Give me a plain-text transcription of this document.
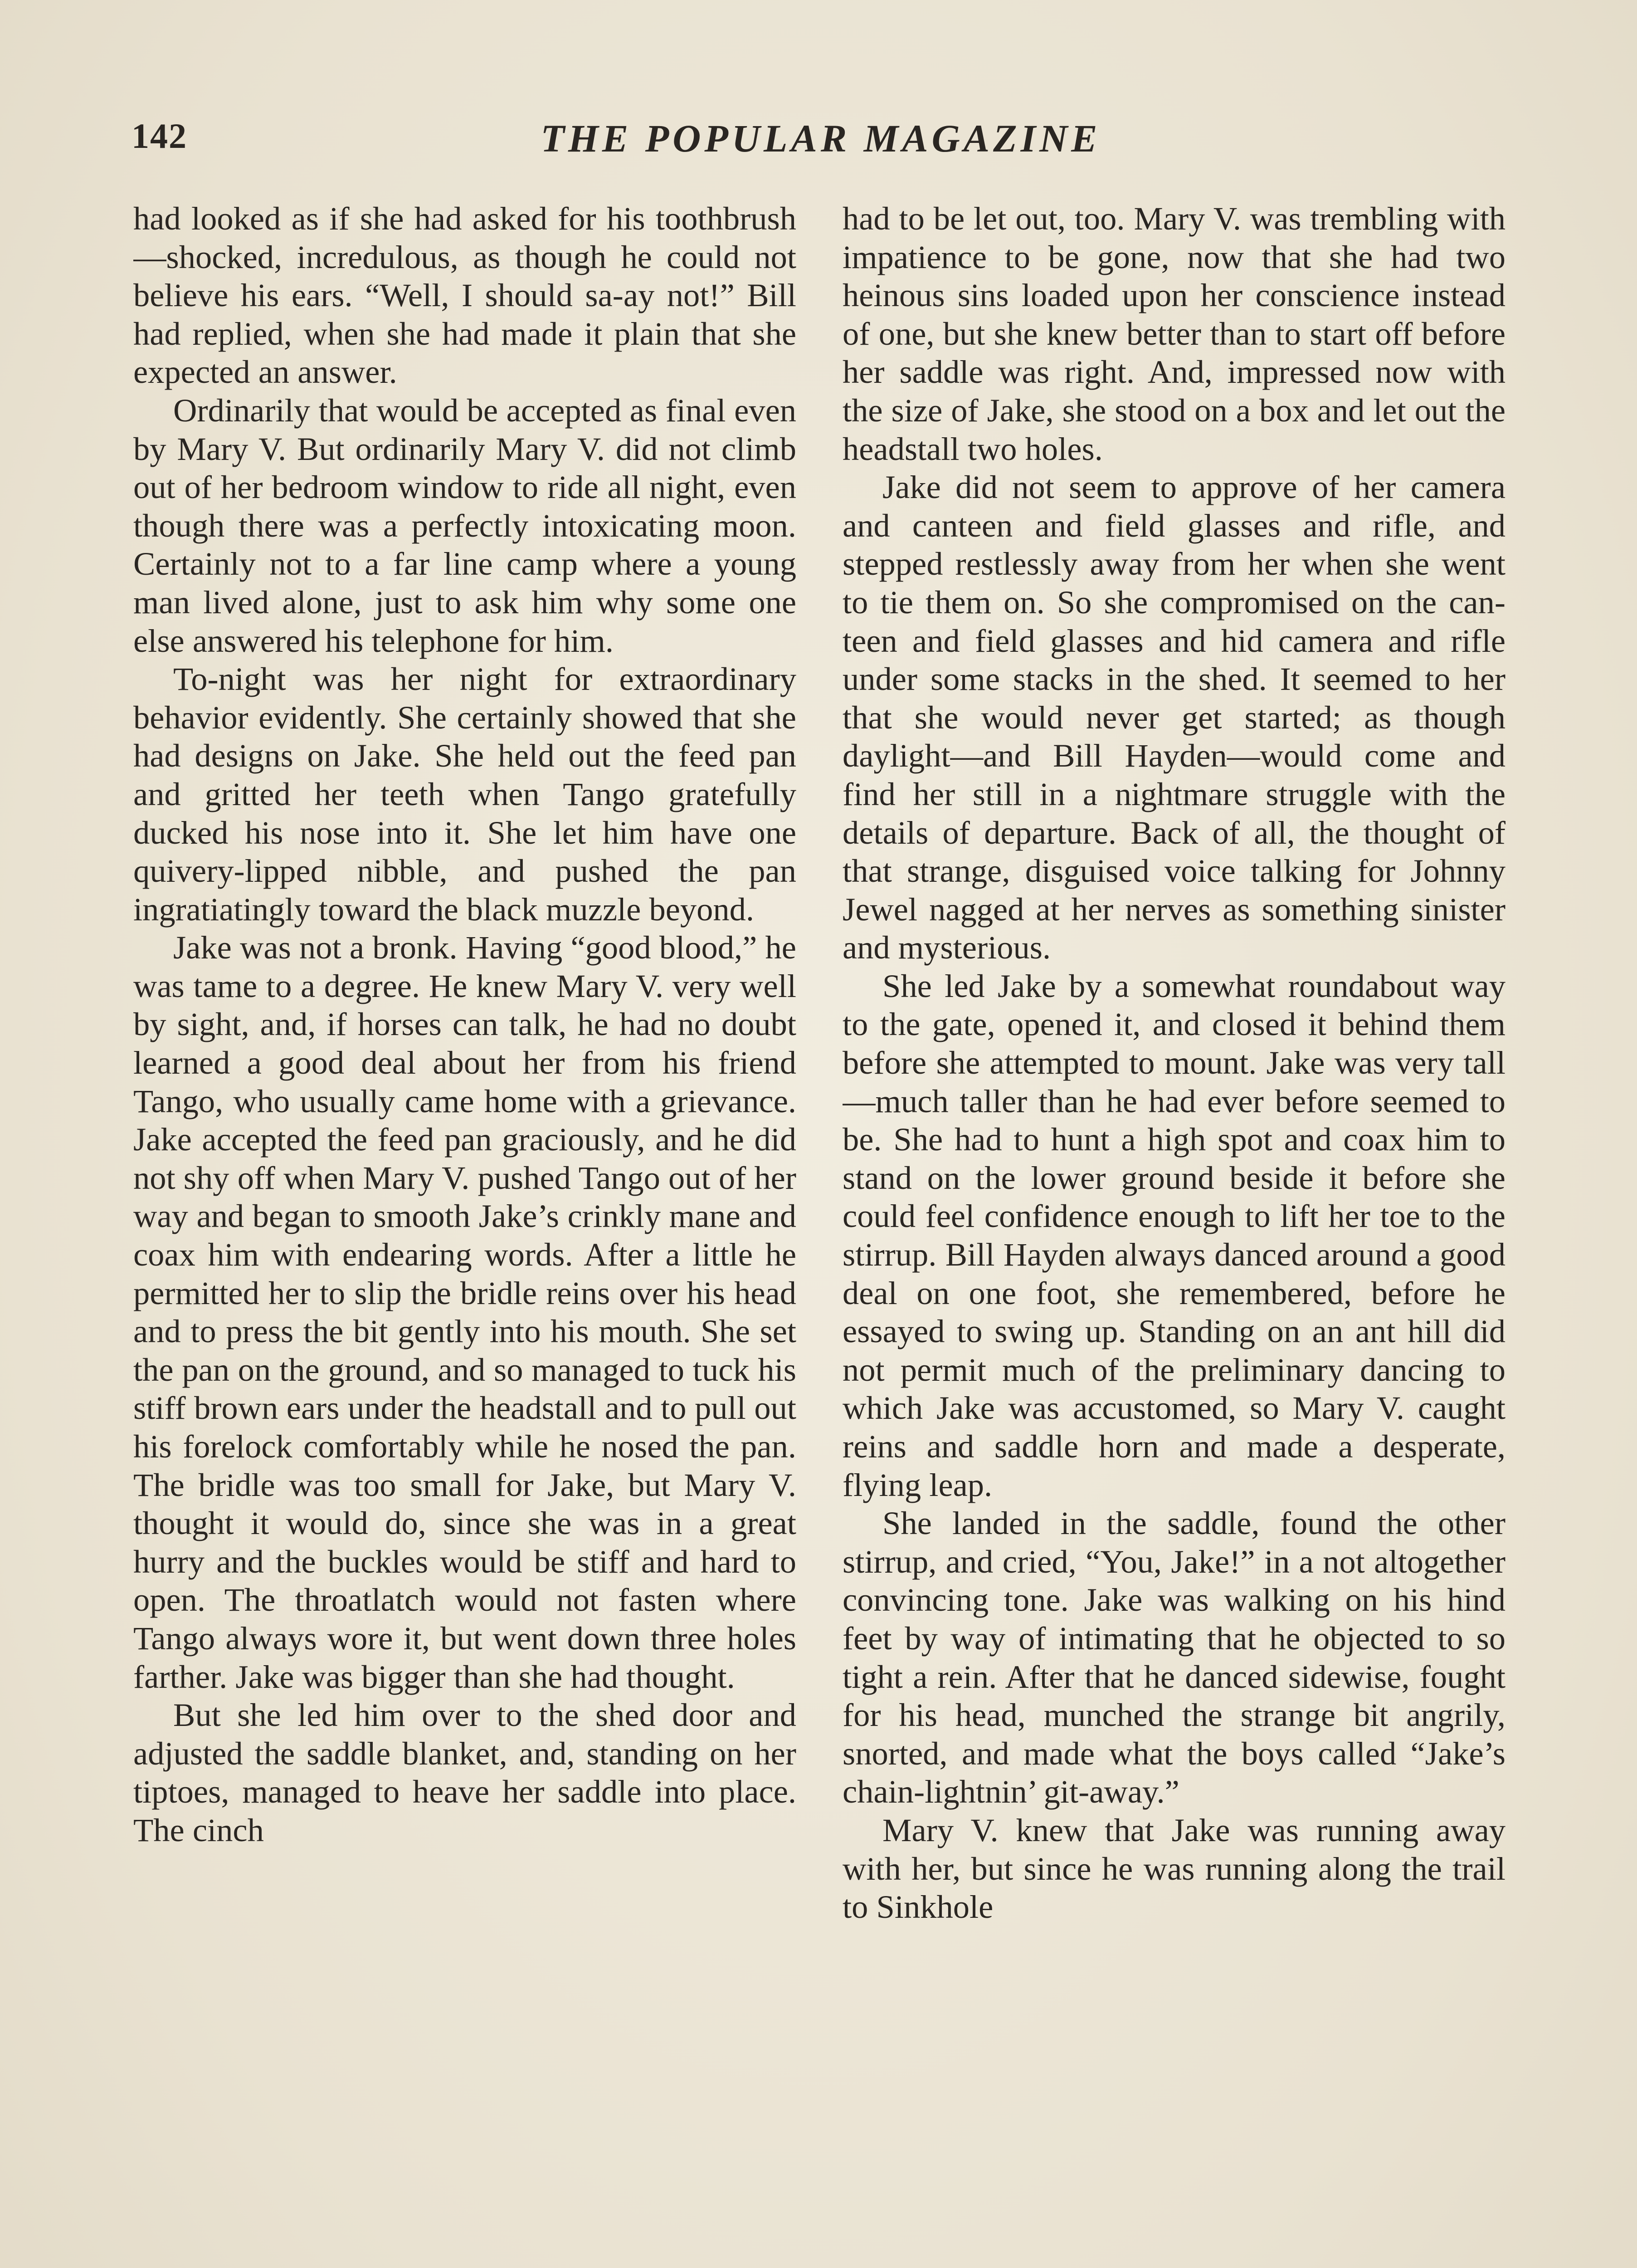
142	THE POPULAR MAGAZINE

had looked as if she had asked for his toothbrush—shocked, incredulous, as though he could not believe his ears. “Well, I should sa-ay not!” Bill had replied, when she had made it plain that she expected an answer.

Ordinarily that would be accepted as final even by Mary V. But ordinarily Mary V. did not climb out of her bedroom window to ride all night, even though there was a perfectly intoxicating moon. Certainly not to a far line camp where a young man lived alone, just to ask him why some one else answered his telephone for him.

To-night was her night for extraordinary behavior evidently. She certainly showed that she had designs on Jake. She held out the feed pan and gritted her teeth when Tango gratefully ducked his nose into it. She let him have one quivery-lipped nibble, and pushed the pan ingratiatingly toward the black muzzle beyond.

Jake was not a bronk. Having “good blood,” he was tame to a degree. He knew Mary V. very well by sight, and, if horses can talk, he had no doubt learned a good deal about her from his friend Tango, who usually came home with a grievance. Jake accepted the feed pan graciously, and he did not shy off when Mary V. pushed Tango out of her way and began to smooth Jake’s crinkly mane and coax him with endearing words. After a little he permitted her to slip the bridle reins over his head and to press the bit gently into his mouth. She set the pan on the ground, and so managed to tuck his stiff brown ears under the headstall and to pull out his forelock comfortably while he nosed the pan. The bridle was too small for Jake, but Mary V. thought it would do, since she was in a great hurry and the buckles would be stiff and hard to open. The throatlatch would not fasten where Tango always wore it, but went down three holes farther. Jake was bigger than she had thought.

But she led him over to the shed door and adjusted the saddle blanket, and, standing on her tiptoes, managed to heave her saddle into place. The cinch

had to be let out, too. Mary V. was trembling with impatience to be gone, now that she had two heinous sins loaded upon her conscience instead of one, but she knew better than to start off before her saddle was right. And, impressed now with the size of Jake, she stood on a box and let out the headstall two holes.

Jake did not seem to approve of her camera and canteen and field glasses and rifle, and stepped restlessly away from her when she went to tie them on. So she compromised on the canteen and field glasses and hid camera and rifle under some stacks in the shed. It seemed to her that she would never get started; as though daylight—and Bill Hayden—would come and find her still in a nightmare struggle with the details of departure. Back of all, the thought of that strange, disguised voice talking for Johnny Jewel nagged at her nerves as something sinister and mysterious.

She led Jake by a somewhat roundabout way to the gate, opened it, and closed it behind them before she attempted to mount. Jake was very tall —much taller than he had ever before seemed to be. She had to hunt a high spot and coax him to stand on the lower ground beside it before she could feel confidence enough to lift her toe to the stirrup. Bill Hayden always danced around a good deal on one foot, she remembered, before he essayed to swing up. Standing on an ant hill did not permit much of the preliminary dancing to which Jake was accustomed, so Mary V. caught reins and saddle horn and made a desperate, flying leap.

She landed in the saddle, found the other stirrup, and cried, “You, Jake!” in a not altogether convincing tone. Jake was walking on his hind feet by way of intimating that he objected to so tight a rein. After that he danced sidewise, fought for his head, munched the strange bit angrily, snorted, and made what the boys called “Jake’s chain-lightnin’ git-away.”

Mary V. knew that Jake was running away with her, but since he was running along the trail to Sinkhole
